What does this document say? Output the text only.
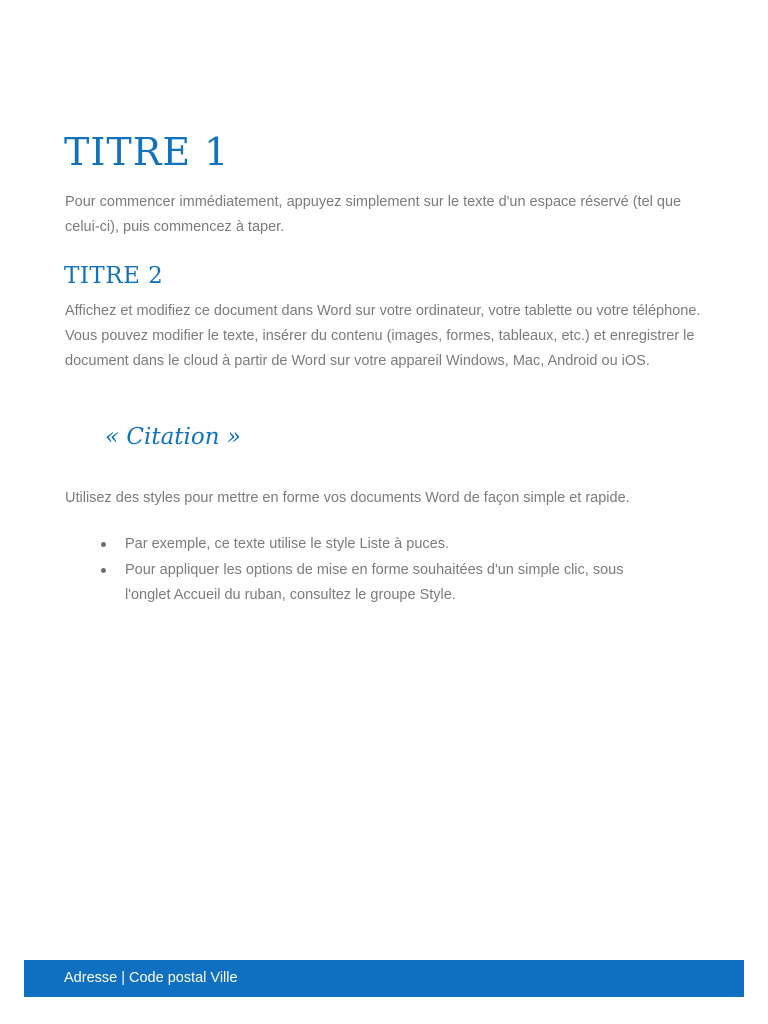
TITRE 1

Pour commencer immédiatement, appuyez simplement sur le texte d'un espace réservé (tel que celui-ci), puis commencez à taper.

TITRE 2

Affichez et modifiez ce document dans Word sur votre ordinateur, votre tablette ou votre téléphone. Vous pouvez modifier le texte, insérer du contenu (images, formes, tableaux, etc.) et enregistrer le document dans le cloud à partir de Word sur votre appareil Windows, Mac, Android ou iOS.

« Citation »

Utilisez des styles pour mettre en forme vos documents Word de façon simple et rapide.

Par exemple, ce texte utilise le style Liste à puces.
Pour appliquer les options de mise en forme souhaitées d'un simple clic, sous l'onglet Accueil du ruban, consultez le groupe Style.
Adresse | Code postal Ville
